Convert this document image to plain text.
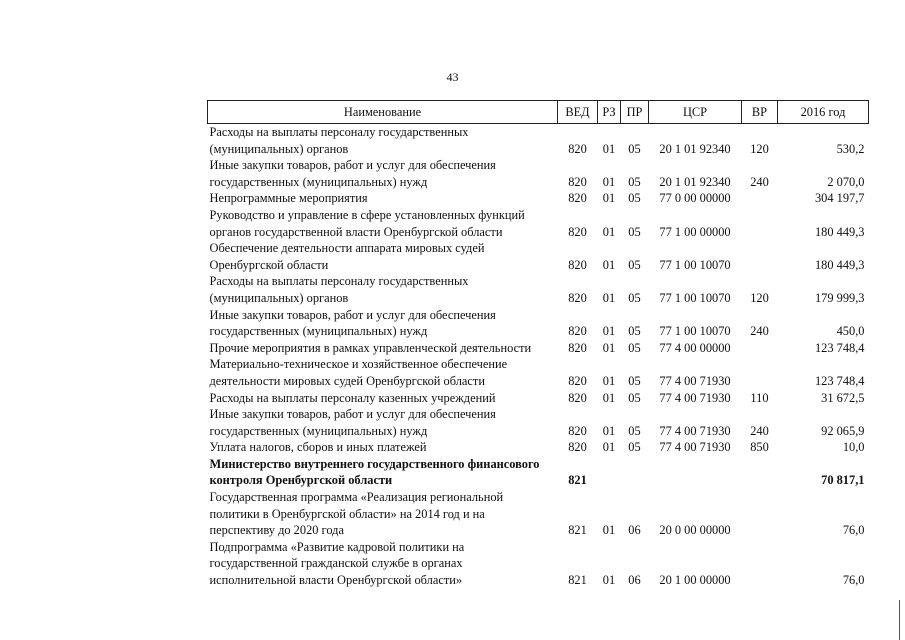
43
Наименование	ВЕД	РЗ	ПР	ЦСР	ВР	2016 год
Расходы на выплаты персоналу государственных
(муниципальных) органов	820	01	05	20 1 01 92340	120	530,2
Иные закупки товаров, работ и услуг для обеспечения
государственных (муниципальных) нужд	820	01	05	20 1 01 92340	240	2 070,0
Непрограммные мероприятия	820	01	05	77 0 00 00000		304 197,7
Руководство и управление в сфере установленных функций
органов государственной власти Оренбургской области	820	01	05	77 1 00 00000		180 449,3
Обеспечение деятельности аппарата мировых судей
Оренбургской области	820	01	05	77 1 00 10070		180 449,3
Расходы на выплаты персоналу государственных
(муниципальных) органов	820	01	05	77 1 00 10070	120	179 999,3
Иные закупки товаров, работ и услуг для обеспечения
государственных (муниципальных) нужд	820	01	05	77 1 00 10070	240	450,0
Прочие мероприятия в рамках управленческой деятельности	820	01	05	77 4 00 00000		123 748,4
Материально-техническое и хозяйственное обеспечение
деятельности мировых судей Оренбургской области	820	01	05	77 4 00 71930		123 748,4
Расходы на выплаты персоналу казенных учреждений	820	01	05	77 4 00 71930	110	31 672,5
Иные закупки товаров, работ и услуг для обеспечения
государственных (муниципальных) нужд	820	01	05	77 4 00 71930	240	92 065,9
Уплата налогов, сборов и иных платежей	820	01	05	77 4 00 71930	850	10,0
Министерство внутреннего государственного финансового
контроля Оренбургской области	821					70 817,1
Государственная программа «Реализация региональной
политики в Оренбургской области» на 2014 год и на
перспективу до 2020 года	821	01	06	20 0 00 00000		76,0
Подпрограмма «Развитие кадровой политики на
государственной гражданской службе в органах
исполнительной власти Оренбургской области»	821	01	06	20 1 00 00000		76,0
